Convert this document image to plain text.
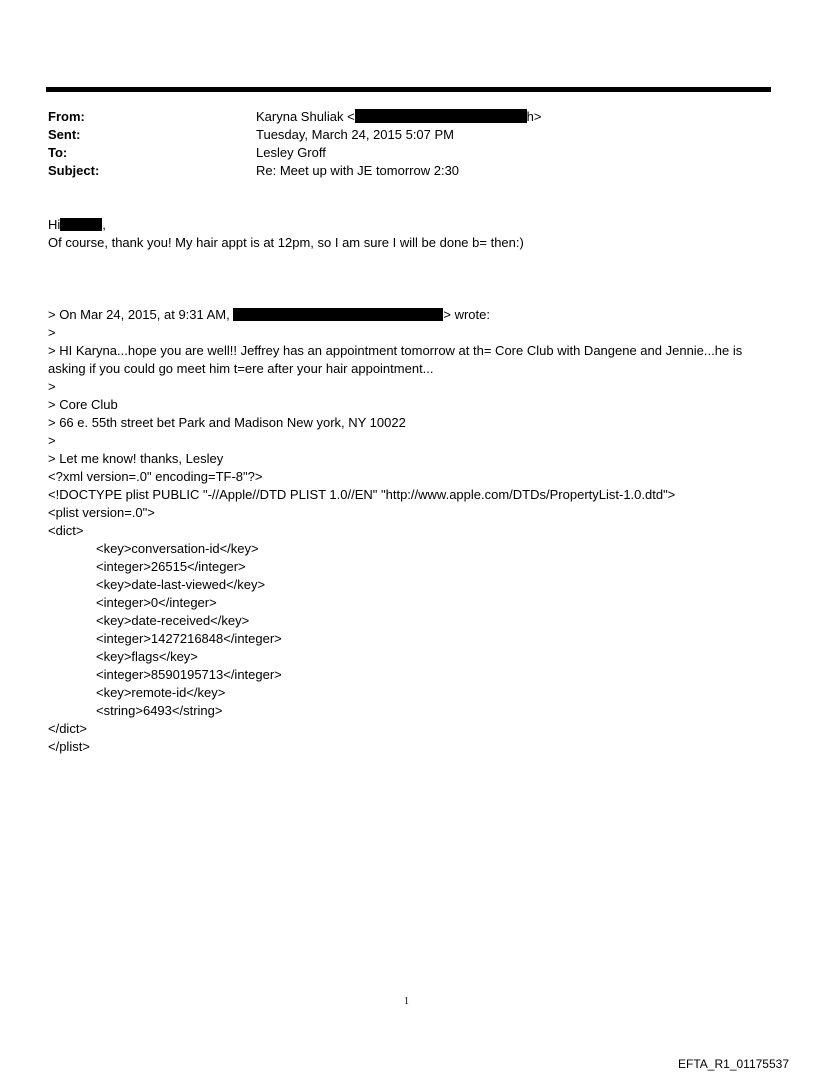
From:	Karyna Shuliak <	h>
Sent:	Tuesday, March 24, 2015 5:07 PM
To:	Lesley Groff
Subject:	Re: Meet up with JE tomorrow 2:30
Hi	,
Of course, thank you! My hair appt is at 12pm, so I am sure I will be done b= then:)
> On Mar 24, 2015, at 9:31 AM,	> wrote:
>
> HI Karyna...hope you are well!! Jeffrey has an appointment tomorrow at th= Core Club with Dangene and Jennie...he is
asking if you could go meet him t=ere after your hair appointment...
>
> Core Club
> 66 e. 55th street bet Park and Madison New york, NY 10022
>
> Let me know! thanks, Lesley
<?xml version=.0" encoding=TF-8"?>
<!DOCTYPE plist PUBLIC "-//Apple//DTD PLIST 1.0//EN" "http://www.apple.com/DTDs/PropertyList-1.0.dtd">
<plist version=.0">
<dict>
<key>conversation-id</key>
<integer>26515</integer>
<key>date-last-viewed</key>
<integer>0</integer>
<key>date-received</key>
<integer>1427216848</integer>
<key>flags</key>
<integer>8590195713</integer>
<key>remote-id</key>
<string>6493</string>
</dict>
</plist>
1
EFTA_R1_01175537
